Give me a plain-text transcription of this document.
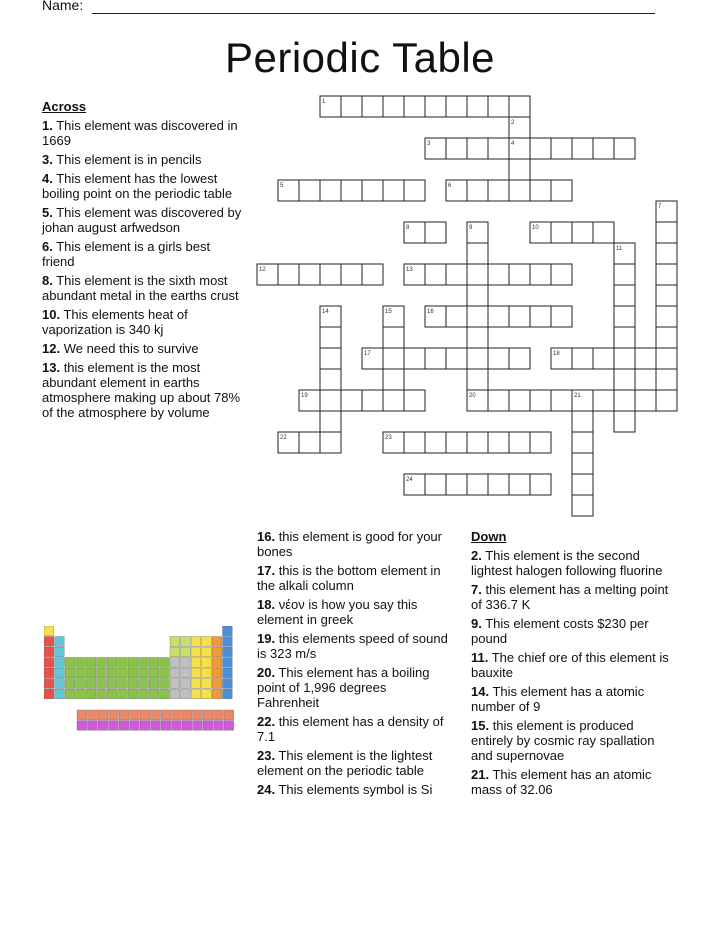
Name:
Periodic Table
1
2
3	4
5	6
7
8	9	10
11
12	13
14	15	16
17	18
19	20	21
22	23
24
Across
1. This element was discovered in 1669
3. This element is in pencils
4. This element has the lowest boiling point on the periodic table
5. This element was discovered by johan august arfwedson
6. This element is a girls best friend
8. This element is the sixth most abundant metal in the earths crust
10. This elements heat of vaporization is 340 kj
12. We need this to survive
13. this element is the most abundant element in earths atmosphere making up about 78% of the atmosphere by volume
16. this element is good for your bones
17. this is the bottom element in the alkali column
18. νέον is how you say this element in greek
19. this elements speed of sound is 323 m/s
20. This element has a boiling point of 1,996 degrees Fahrenheit
22. this element has a density of 7.1
23. This element is the lightest element on the periodic table
24. This elements symbol is Si
Down
2. This element is the second lightest halogen following fluorine
7. this element has a melting point of 336.7 K
9. This element costs $230 per pound
11. The chief ore of this element is bauxite
14. This element has a atomic number of 9
15. this element is produced entirely by cosmic ray spallation and supernovae
21. This element has an atomic mass of 32.06
